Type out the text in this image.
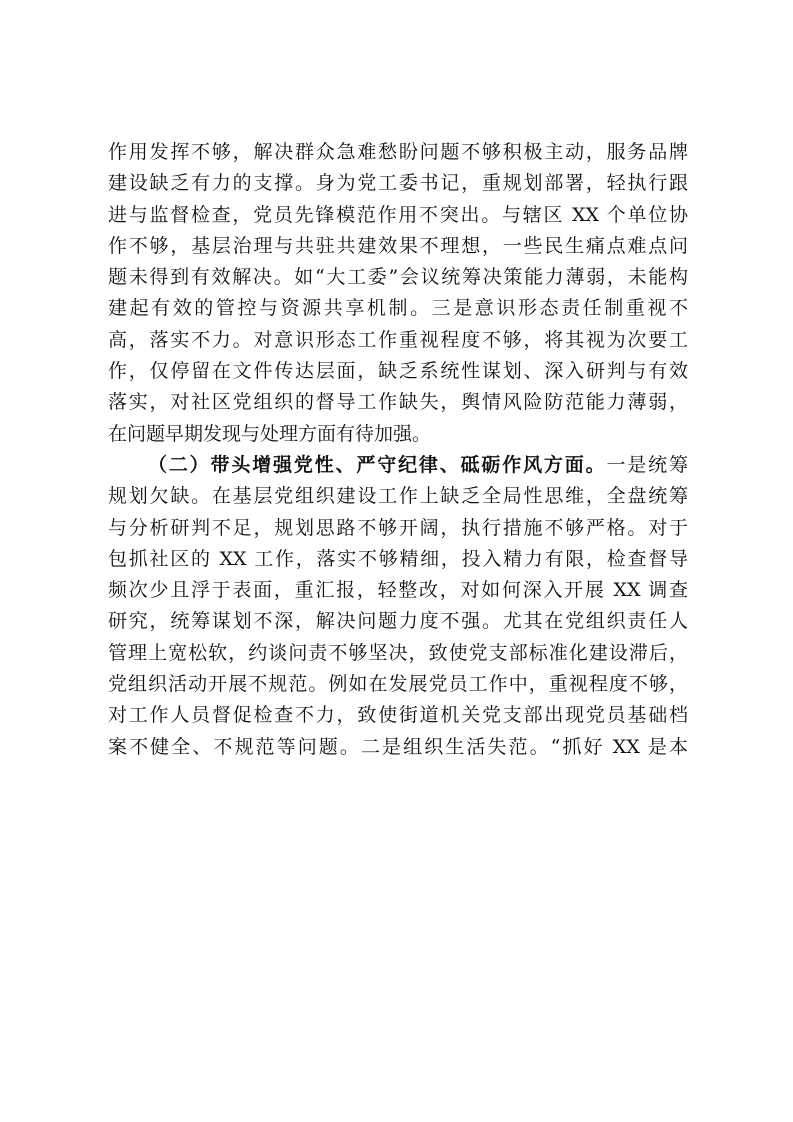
作用发挥不够，解决群众急难愁盼问题不够积极主动，服务品牌
建设缺乏有力的支撑。身为党工委书记，重规划部署，轻执行跟
进与监督检查，党员先锋模范作用不突出。与辖区 XX 个单位协
作不够，基层治理与共驻共建效果不理想，一些民生痛点难点问
题未得到有效解决。如“大工委”会议统筹决策能力薄弱，未能构
建起有效的管控与资源共享机制。三是意识形态责任制重视不
高，落实不力。对意识形态工作重视程度不够，将其视为次要工
作，仅停留在文件传达层面，缺乏系统性谋划、深入研判与有效
落实，对社区党组织的督导工作缺失，舆情风险防范能力薄弱，
在问题早期发现与处理方面有待加强。
（二）带头增强党性、严守纪律、砥砺作风方面。一是统筹
规划欠缺。在基层党组织建设工作上缺乏全局性思维，全盘统筹
与分析研判不足，规划思路不够开阔，执行措施不够严格。对于
包抓社区的 XX 工作，落实不够精细，投入精力有限，检查督导
频次少且浮于表面，重汇报，轻整改，对如何深入开展 XX 调查
研究，统筹谋划不深，解决问题力度不强。尤其在党组织责任人
管理上宽松软，约谈问责不够坚决，致使党支部标准化建设滞后，
党组织活动开展不规范。例如在发展党员工作中，重视程度不够，
对工作人员督促检查不力，致使街道机关党支部出现党员基础档
案不健全、不规范等问题。二是组织生活失范。“抓好 XX 是本
